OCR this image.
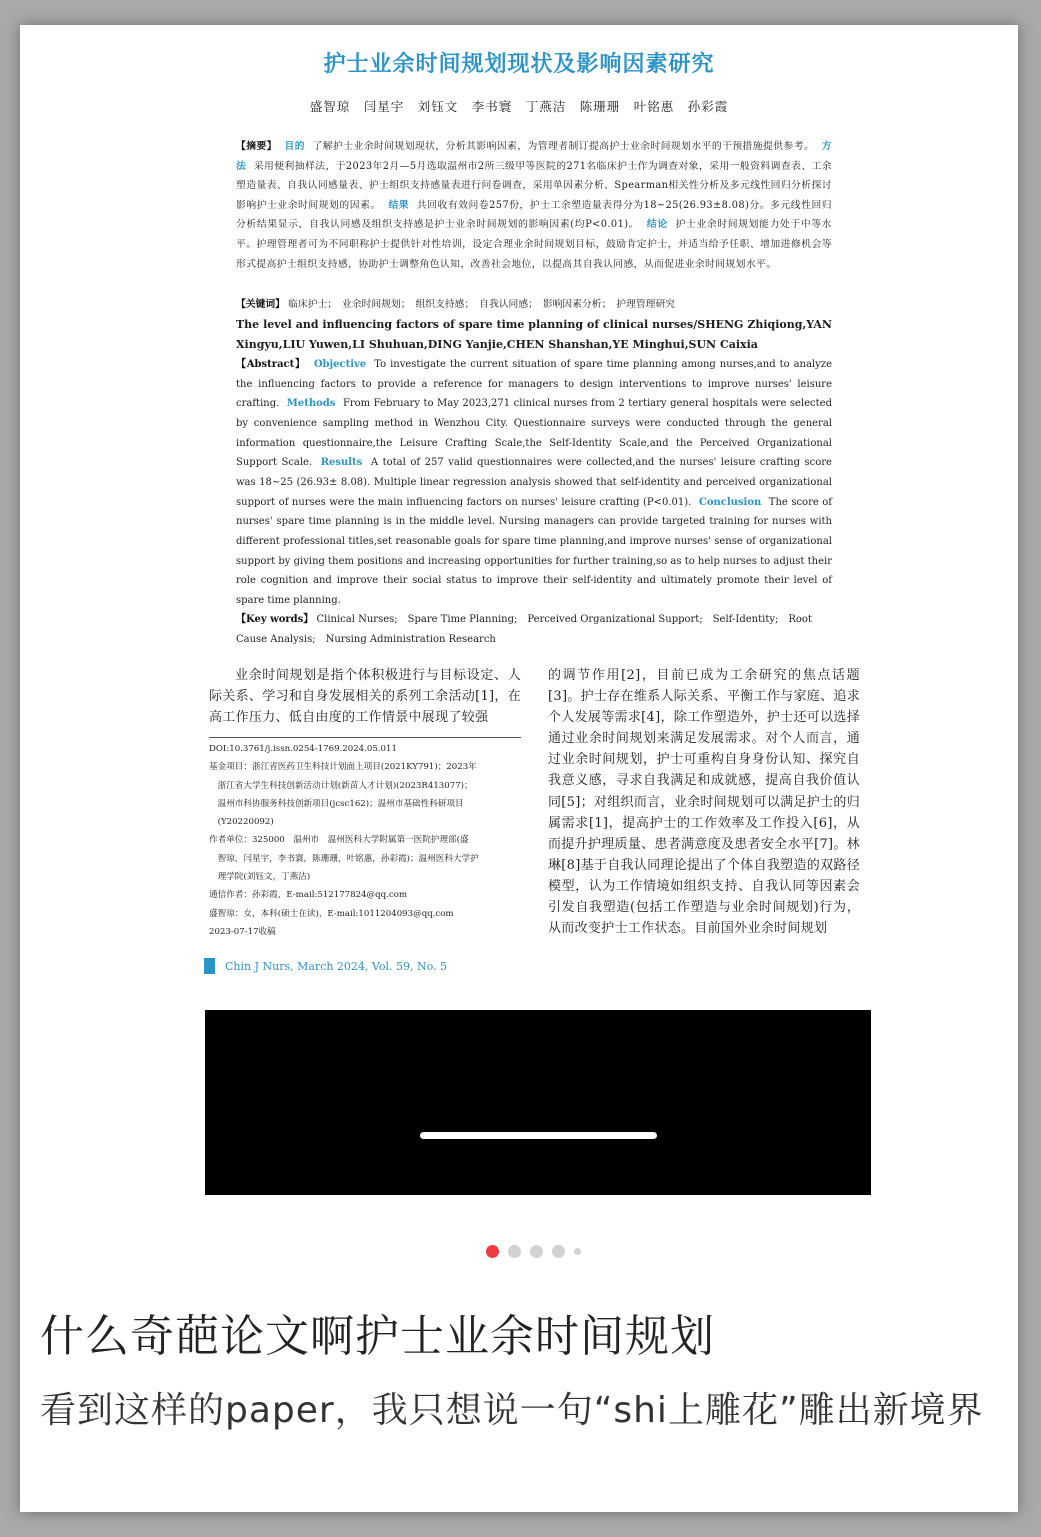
护士业余时间规划现状及影响因素研究
盛智琼　闫星宇　刘钰文　李书寰　丁燕洁　陈珊珊　叶铭惠　孙彩霞
【摘要】 目的 了解护士业余时间规划现状，分析其影响因素，为管理者制订提高护士业余时间规划水平的干预措施提供参考。 方法 采用便利抽样法，于2023年2月—5月选取温州市2所三级甲等医院的271名临床护士作为调查对象，采用一般资料调查表、工余塑造量表、自我认同感量表、护士组织支持感量表进行问卷调查，采用单因素分析、Spearman相关性分析及多元线性回归分析探讨影响护士业余时间规划的因素。 结果 共回收有效问卷257份，护士工余塑造量表得分为18~25(26.93±8.08)分。多元线性回归分析结果显示，自我认同感及组织支持感是护士业余时间规划的影响因素(均P<0.01)。 结论 护士业余时间规划能力处于中等水平。护理管理者可为不同职称护士提供针对性培训，设定合理业余时间规划目标，鼓励肯定护士，并适当给予任职、增加进修机会等形式提高护士组织支持感，协助护士调整角色认知，改善社会地位，以提高其自我认同感，从而促进业余时间规划水平。
【关键词】 临床护士；　业余时间规划；　组织支持感；　自我认同感；　影响因素分析；　护理管理研究
The level and influencing factors of spare time planning of clinical nurses/SHENG Zhiqiong,YAN Xingyu,LIU Yuwen,LI Shuhuan,DING Yanjie,CHEN Shanshan,YE Minghui,SUN Caixia
【Abstract】 Objective To investigate the current situation of spare time planning among nurses,and to analyze the influencing factors to provide a reference for managers to design interventions to improve nurses' leisure crafting. Methods From February to May 2023,271 clinical nurses from 2 tertiary general hospitals were selected by convenience sampling method in Wenzhou City. Questionnaire surveys were conducted through the general information questionnaire,the Leisure Crafting Scale,the Self-Identity Scale,and the Perceived Organizational Support Scale. Results A total of 257 valid questionnaires were collected,and the nurses' leisure crafting score was 18~25 (26.93± 8.08). Multiple linear regression analysis showed that self-identity and perceived organizational support of nurses were the main influencing factors on nurses' leisure crafting (P<0.01). Conclusion The score of nurses' spare time planning is in the middle level. Nursing managers can provide targeted training for nurses with different professional titles,set reasonable goals for spare time planning,and improve nurses' sense of organizational support by giving them positions and increasing opportunities for further training,so as to help nurses to adjust their role cognition and improve their social status to improve their self-identity and ultimately promote their level of spare time planning.
【Key words】 Clinical Nurses;　Spare Time Planning;　Perceived Organizational Support;　Self-Identity;　Root Cause Analysis;　Nursing Administration Research

业余时间规划是指个体积极进行与目标设定、人际关系、学习和自身发展相关的系列工余活动[1]，在高工作压力、低自由度的工作情景中展现了较强

DOI:10.3761/j.issn.0254-1769.2024.05.011
基金项目：浙江省医药卫生科技计划面上项目(2021KY791)；2023年
　浙江省大学生科技创新活动计划(新苗人才计划)(2023R413077)；
　温州市科协服务科技创新项目(jcsc162)；温州市基础性科研项目
　(Y20220092)
作者单位：325000　温州市　温州医科大学附属第一医院护理部(盛
　智琼，闫星宇，李书寰，陈珊珊，叶铭惠，孙彩霞)；温州医科大学护
　理学院(刘钰文，丁燕洁)
通信作者：孙彩霞，E-mail:512177824@qq.com
盛智琼：女，本科(硕士在读)，E-mail:1011204093@qq.com
2023-07-17收稿
的调节作用[2]，目前已成为工余研究的焦点话题[3]。护士存在维系人际关系、平衡工作与家庭、追求个人发展等需求[4]，除工作塑造外，护士还可以选择通过业余时间规划来满足发展需求。对个人而言，通过业余时间规划，护士可重构自身身份认知、探究自我意义感，寻求自我满足和成就感，提高自我价值认同[5]；对组织而言，业余时间规划可以满足护士的归属需求[1]，提高护士的工作效率及工作投入[6]，从而提升护理质量、患者满意度及患者安全水平[7]。林琳[8]基于自我认同理论提出了个体自我塑造的双路径模型，认为工作情境如组织支持、自我认同等因素会引发自我塑造(包括工作塑造与业余时间规划)行为，从而改变护士工作状态。目前国外业余时间规划
Chin J Nurs, March 2024, Vol. 59, No. 5
什么奇葩论文啊护士业余时间规划
看到这样的paper，我只想说一句“shi上雕花”雕出新境界
